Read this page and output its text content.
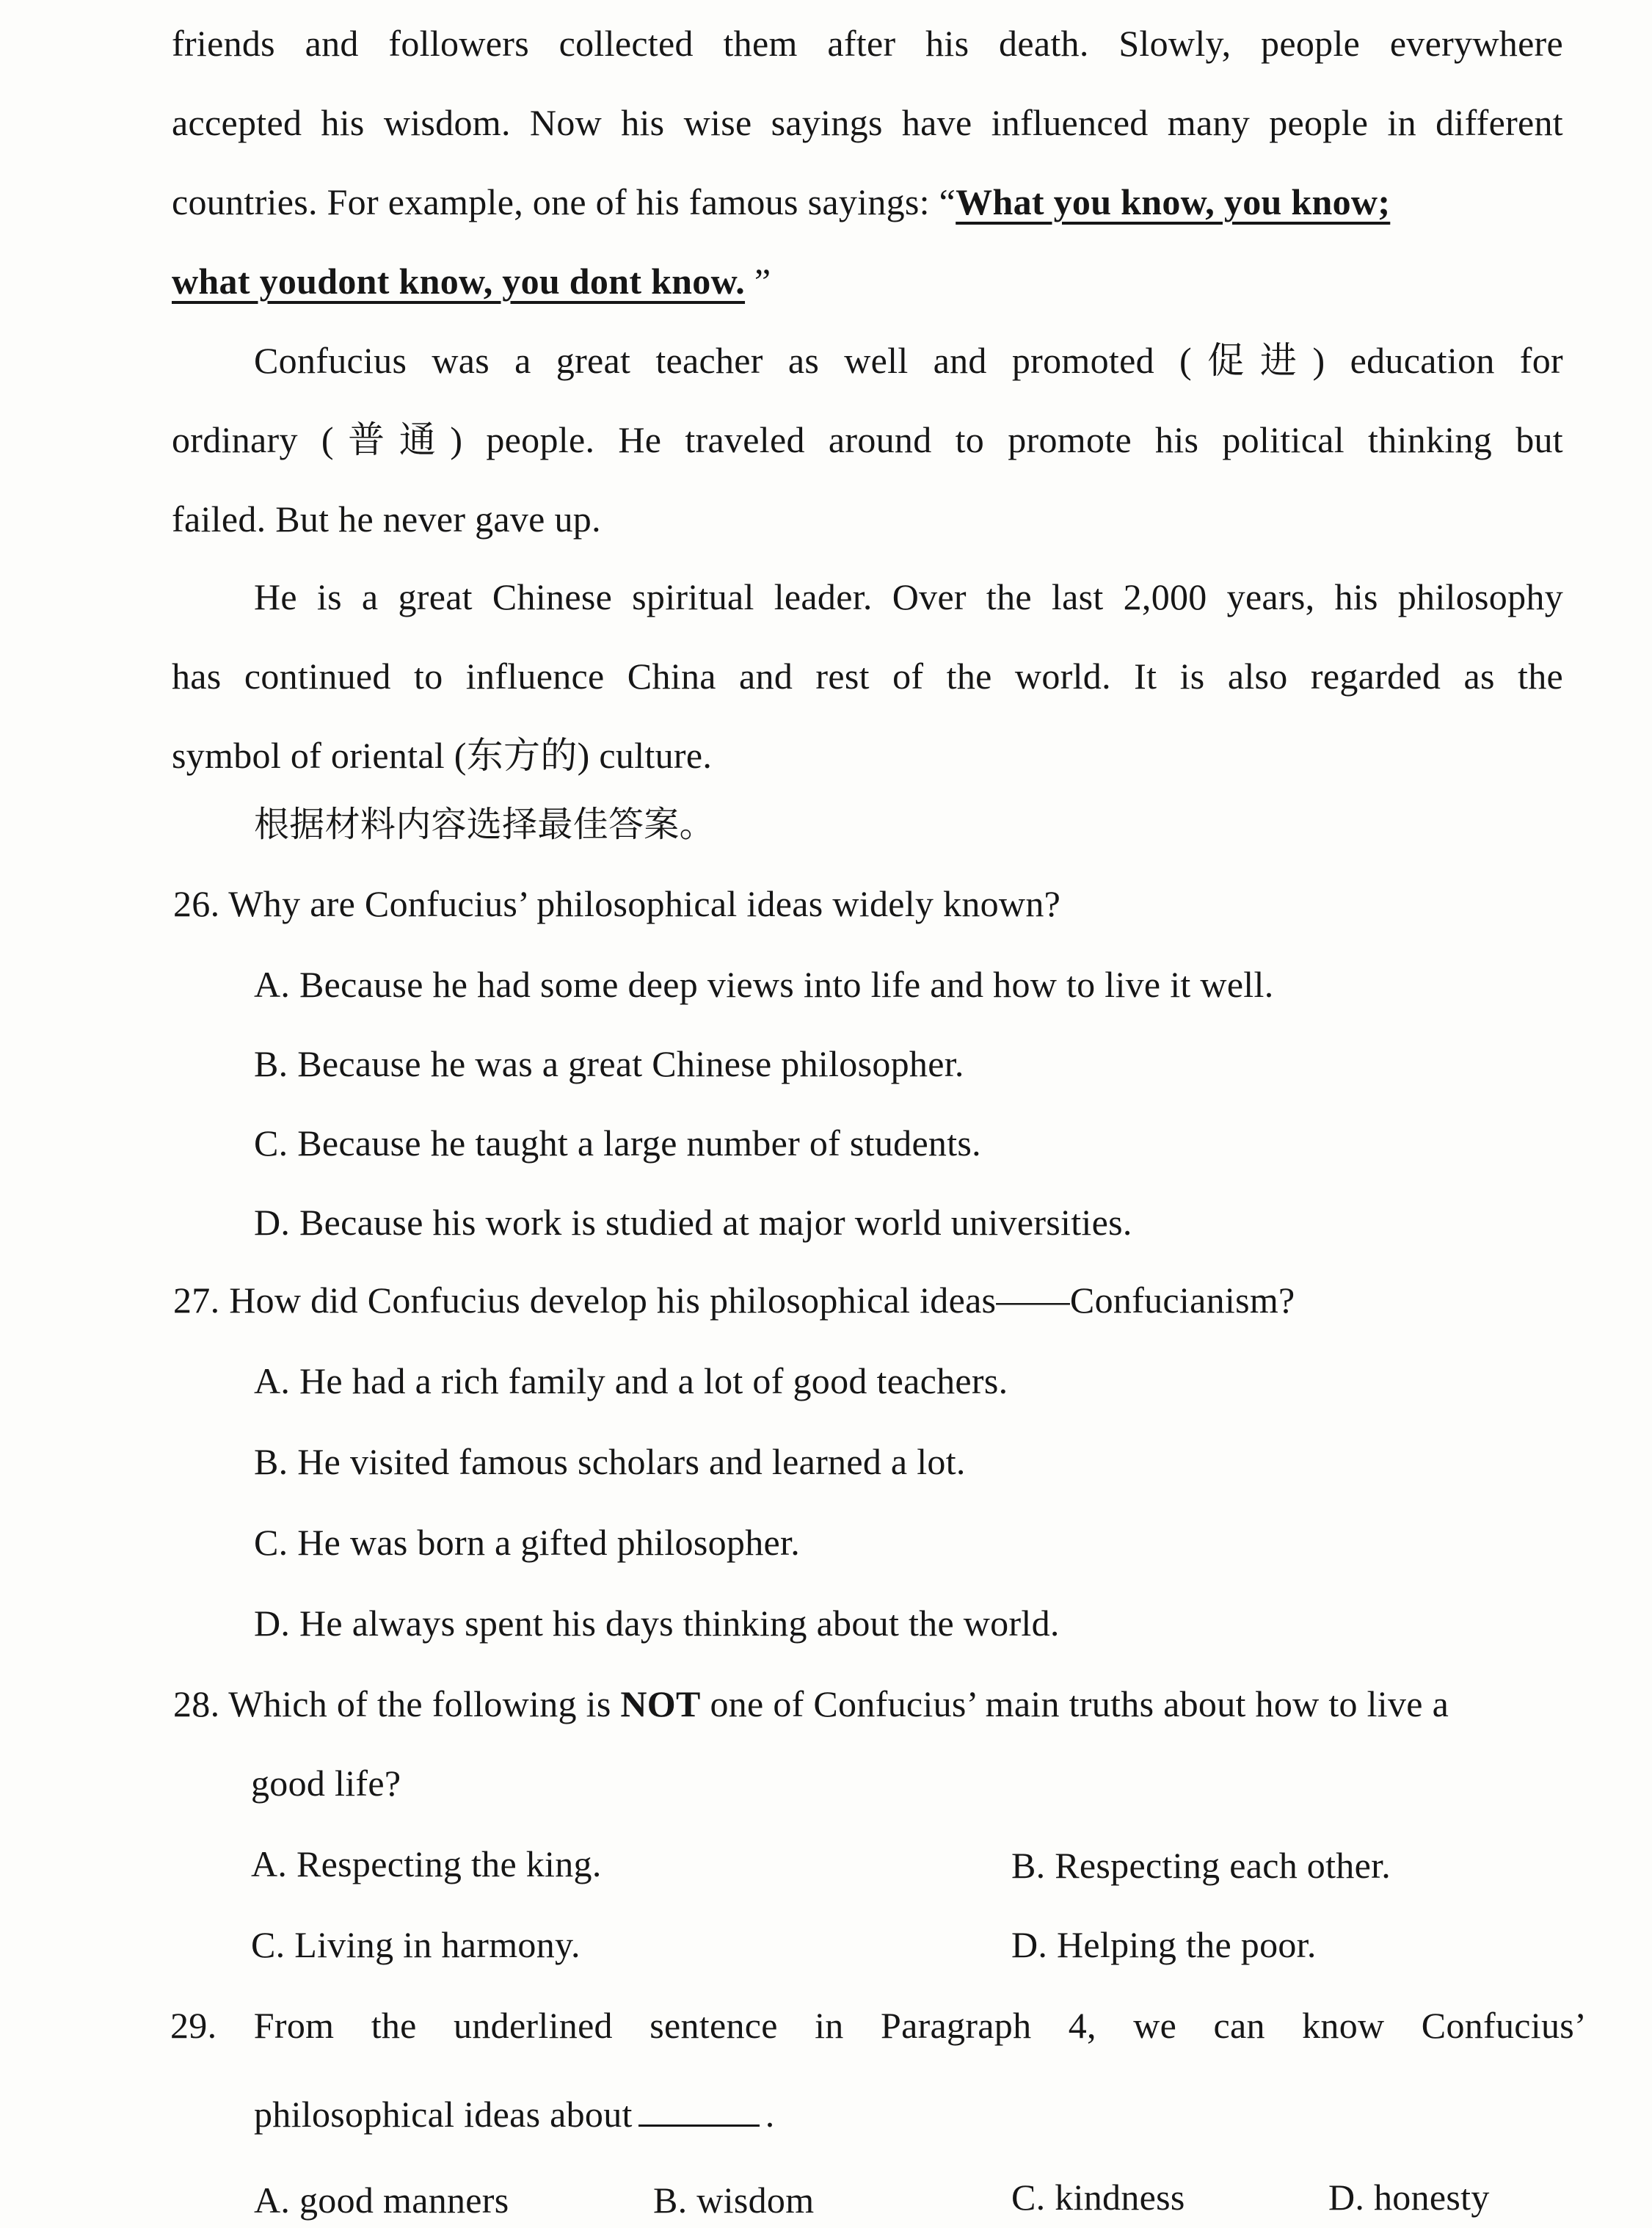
friends and followers collected them after his death. Slowly, people everywhere
accepted his wisdom. Now his wise sayings have influenced many people in different
countries. For example, one of his famous sayings: “What you know, you know;
what youdont know, you dont know. ”
Confucius was a great teacher as well and promoted (促进) education for
ordinary (普通) people. He traveled around to promote his political thinking but
failed. But he never gave up.
He is a great Chinese spiritual leader. Over the last 2,000 years, his philosophy
has continued to influence China and rest of the world. It is also regarded as the
symbol of oriental (东方的) culture.
根据材料内容选择最佳答案。
26. Why are Confucius’ philosophical ideas widely known?
A. Because he had some deep views into life and how to live it well.
B. Because he was a great Chinese philosopher.
C. Because he taught a large number of students.
D. Because his work is studied at major world universities.
27. How did Confucius develop his philosophical ideas——Confucianism?
A. He had a rich family and a lot of good teachers.
B. He visited famous scholars and learned a lot.
C. He was born a gifted philosopher.
D. He always spent his days thinking about the world.
28. Which of the following is NOT one of Confucius’ main truths about how to live a
good life?
A. Respecting the king.	B. Respecting each other.
C. Living in harmony.	D. Helping the poor.
29. From the underlined sentence in Paragraph 4, we can know Confucius’
philosophical ideas about	.
A. good manners	B. wisdom	C. kindness	D. honesty
